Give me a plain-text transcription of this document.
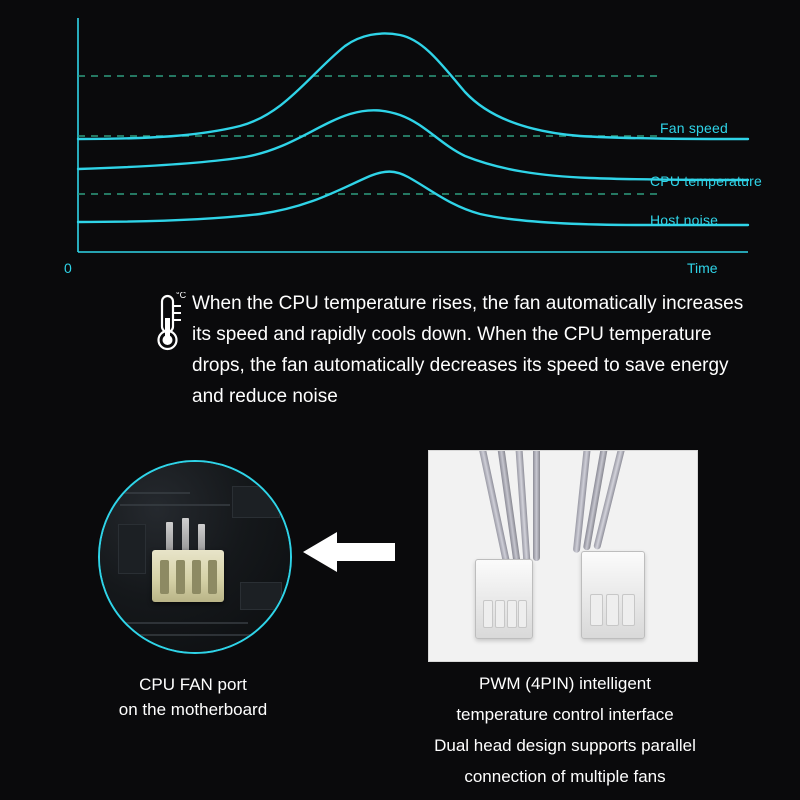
Fan speed
CPU temperature
Host noise
0	Time
°C When the CPU temperature rises, the fan automatically increases its speed and rapidly cools down. When the CPU temperature drops, the fan automatically decreases its speed to save energy and reduce noise
CPU FAN port
on the motherboard
PWM (4PIN) intelligent
temperature control interface
Dual head design supports parallel
connection of multiple fans
